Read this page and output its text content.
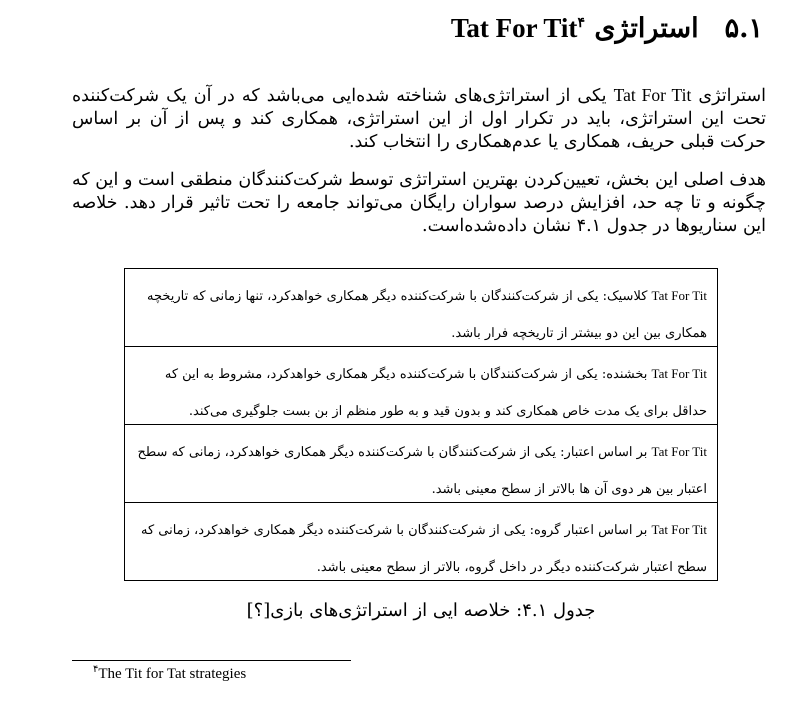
۵.۱استراتژی Tat For Tit$^۴$

استراتژی Tat For Tit یکی از استراتژی‌های شناخته شده‌ایی می‌باشد که در آن یک شرکت‌کننده تحت این استراتژی، باید در تکرار اول از این استراتژی، همکاری کند و پس از آن بر اساس حرکت قبلی حریف، همکاری یا عدم‌همکاری را انتخاب کند.

هدف اصلی این بخش، تعیین‌کردن بهترین استراتژی توسط شرکت‌کنندگان منطقی است و این که چگونه و تا چه حد، افزایش درصد سواران رایگان می‌تواند جامعه را تحت تاثیر قرار دهد. خلاصه این سناریوها در جدول ۴.۱ نشان داده‌شده‌است.

Tat For Tit کلاسیک: یکی از شرکت‌کنندگان با شرکت‌کننده دیگر همکاری خواهدکرد، تنها زمانی که تاریخچه همکاری بین این دو بیشتر از تاریخچه فرار باشد.
Tat For Tit بخشنده: یکی از شرکت‌کنندگان با شرکت‌کننده دیگر همکاری خواهدکرد، مشروط به این که حداقل برای یک مدت خاص همکاری کند و بدون قید و به طور منظم از بن بست جلوگیری می‌کند.
Tat For Tit بر اساس اعتبار: یکی از شرکت‌کنندگان با شرکت‌کننده دیگر همکاری خواهدکرد، زمانی که سطح اعتبار بین هر دوی آن ها بالاتر از سطح معینی باشد.
Tat For Tit بر اساس اعتبار گروه: یکی از شرکت‌کنندگان با شرکت‌کننده دیگر همکاری خواهدکرد، زمانی که سطح اعتبار شرکت‌کننده دیگر در داخل گروه، بالاتر از سطح معینی باشد.
جدول ۴.۱: خلاصه ایی از استراتژی‌های بازی[؟]
$^۴$The Tit for Tat strategies
